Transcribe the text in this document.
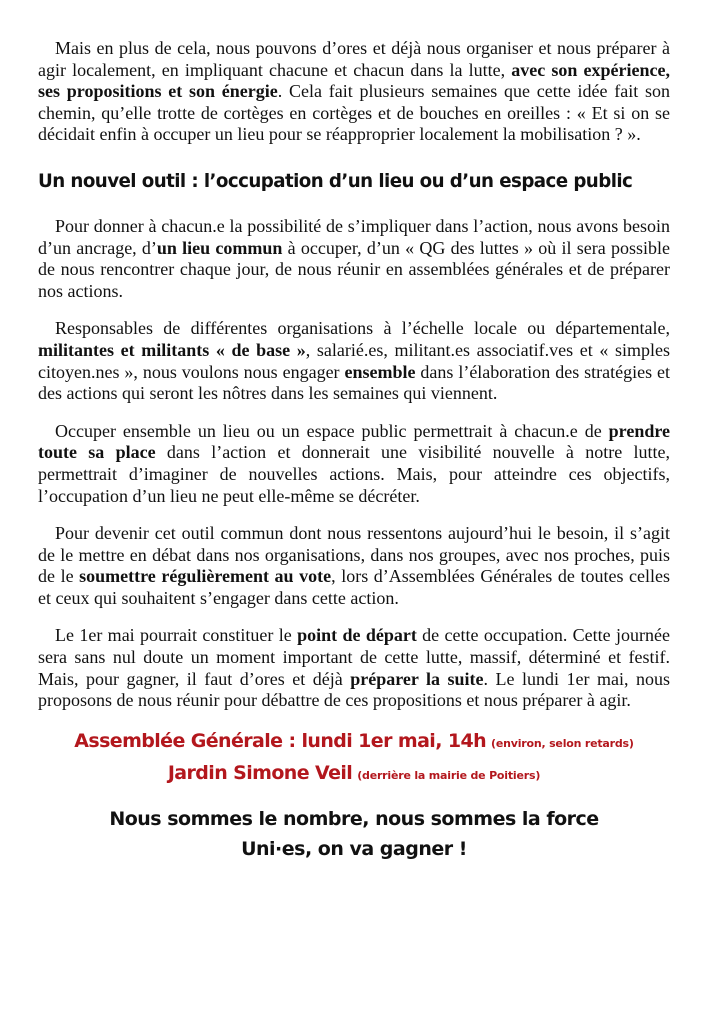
Mais en plus de cela, nous pouvons d’ores et déjà nous organiser et nous préparer à agir localement, en impliquant chacune et chacun dans la lutte, avec son expérience, ses propositions et son énergie. Cela fait plusieurs semaines que cette idée fait son chemin, qu’elle trotte de cortèges en cortèges et de bouches en oreilles : « Et si on se décidait enfin à occuper un lieu pour se réapproprier localement la mobilisation ? ».

Un nouvel outil : l’occupation d’un lieu ou d’un espace public

Pour donner à chacun.e la possibilité de s’impliquer dans l’action, nous avons besoin d’un ancrage, d’un lieu commun à occuper, d’un « QG des luttes » où il sera possible de nous rencontrer chaque jour, de nous réunir en assemblées générales et de préparer nos actions.

Responsables de différentes organisations à l’échelle locale ou départementale, militantes et militants « de base », salarié.es, militant.es associatif.ves et « simples citoyen.nes », nous voulons nous engager ensemble dans l’élaboration des stratégies et des actions qui seront les nôtres dans les semaines qui viennent.

Occuper ensemble un lieu ou un espace public permettrait à chacun.e de prendre toute sa place dans l’action et donnerait une visibilité nouvelle à notre lutte, permettrait d’imaginer de nouvelles actions. Mais, pour atteindre ces objectifs, l’occupation d’un lieu ne peut elle-même se décréter.

Pour devenir cet outil commun dont nous ressentons aujourd’hui le besoin, il s’agit de le mettre en débat dans nos organisations, dans nos groupes, avec nos proches, puis de le soumettre régulièrement au vote, lors d’Assemblées Générales de toutes celles et ceux qui souhaitent s’engager dans cette action.

Le 1er mai pourrait constituer le point de départ de cette occupation. Cette journée sera sans nul doute un moment important de cette lutte, massif, déterminé et festif. Mais, pour gagner, il faut d’ores et déjà préparer la suite. Le lundi 1er mai, nous proposons de nous réunir pour débattre de ces propositions et nous préparer à agir.

Assemblée Générale : lundi 1er mai, 14h (environ, selon retards)
Jardin Simone Veil (derrière la mairie de Poitiers)
Nous sommes le nombre, nous sommes la force
Uni·es, on va gagner !
